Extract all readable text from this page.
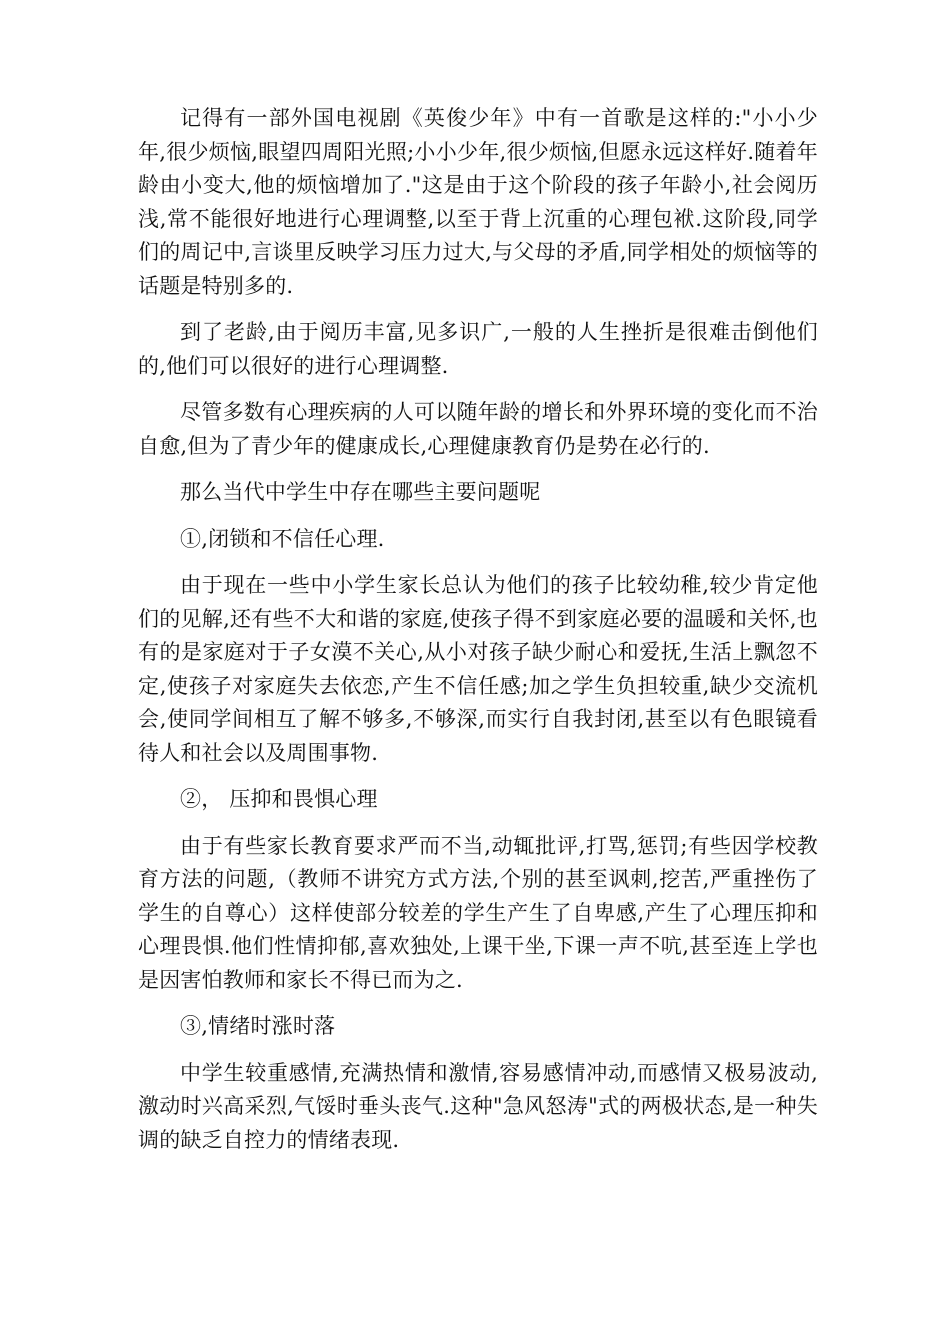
记得有一部外国电视剧《英俊少年》中有一首歌是这样的:"小小少年,很少烦恼,眼望四周阳光照;小小少年,很少烦恼,但愿永远这样好.随着年龄由小变大,他的烦恼增加了."这是由于这个阶段的孩子年龄小,社会阅历浅,常不能很好地进行心理调整,以至于背上沉重的心理包袱.这阶段,同学们的周记中,言谈里反映学习压力过大,与父母的矛盾,同学相处的烦恼等的话题是特别多的.

到了老龄,由于阅历丰富,见多识广,一般的人生挫折是很难击倒他们的,他们可以很好的进行心理调整.

尽管多数有心理疾病的人可以随年龄的增长和外界环境的变化而不治自愈,但为了青少年的健康成长,心理健康教育仍是势在必行的.

那么当代中学生中存在哪些主要问题呢

①,闭锁和不信任心理.

由于现在一些中小学生家长总认为他们的孩子比较幼稚,较少肯定他们的见解,还有些不大和谐的家庭,使孩子得不到家庭必要的温暖和关怀,也有的是家庭对于子女漠不关心,从小对孩子缺少耐心和爱抚,生活上飘忽不定,使孩子对家庭失去依恋,产生不信任感;加之学生负担较重,缺少交流机会,使同学间相互了解不够多,不够深,而实行自我封闭,甚至以有色眼镜看待人和社会以及周围事物.

②， 压抑和畏惧心理

由于有些家长教育要求严而不当,动辄批评,打骂,惩罚;有些因学校教育方法的问题,（教师不讲究方式方法,个别的甚至讽刺,挖苦,严重挫伤了学生的自尊心）这样使部分较差的学生产生了自卑感,产生了心理压抑和心理畏惧.他们性情抑郁,喜欢独处,上课干坐,下课一声不吭,甚至连上学也是因害怕教师和家长不得已而为之.

③,情绪时涨时落

中学生较重感情,充满热情和激情,容易感情冲动,而感情又极易波动,激动时兴高采烈,气馁时垂头丧气.这种"急风怒涛"式的两极状态,是一种失调的缺乏自控力的情绪表现.
